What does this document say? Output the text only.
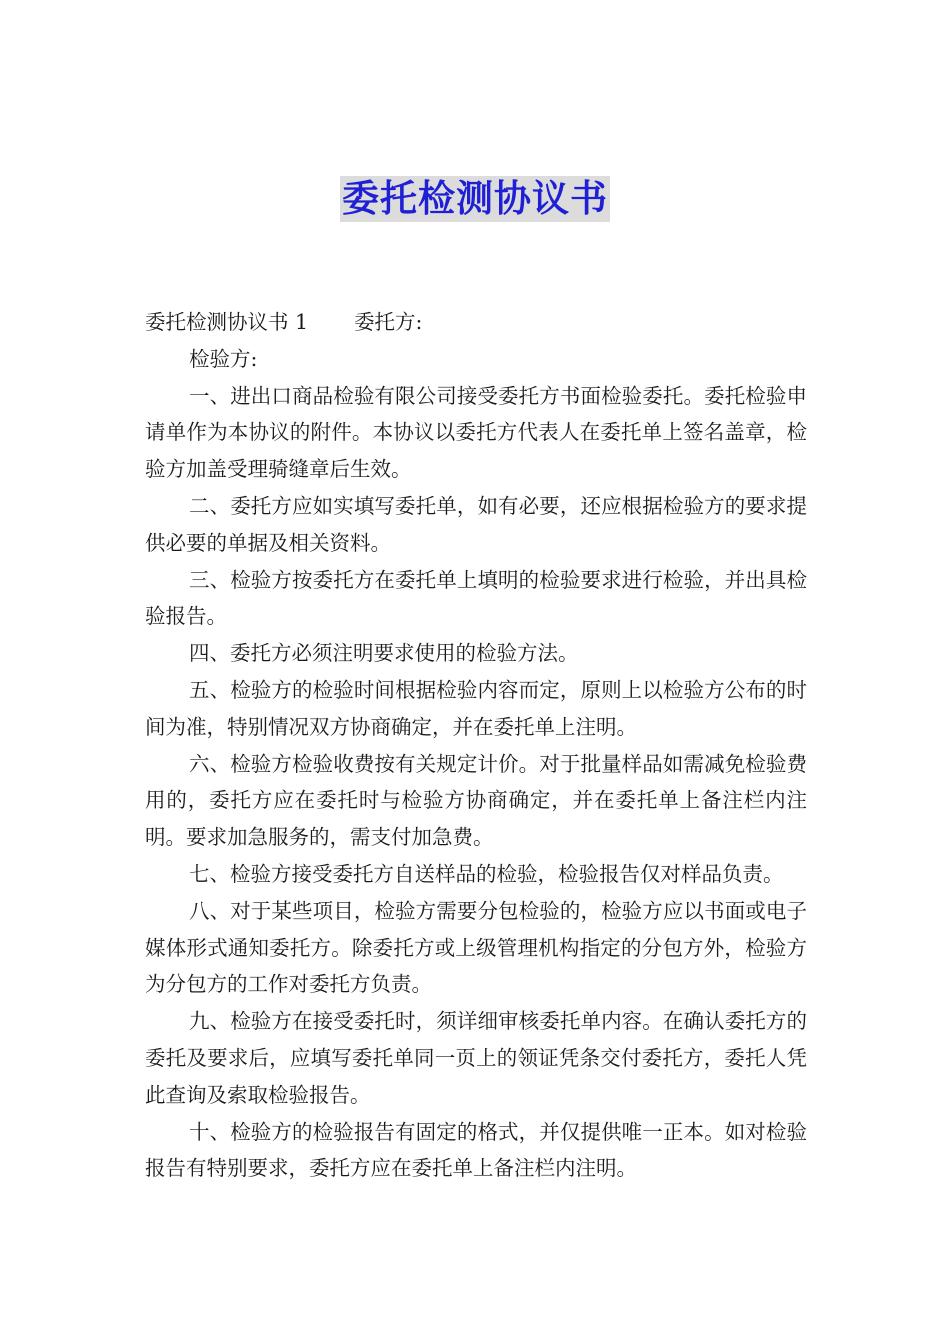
委托检测协议书

委托检测协议书 1 委托方:

检验方:

一、进出口商品检验有限公司接受委托方书面检验委托。委托检验申请单作为本协议的附件。本协议以委托方代表人在委托单上签名盖章，检验方加盖受理骑缝章后生效。

二、委托方应如实填写委托单，如有必要，还应根据检验方的要求提供必要的单据及相关资料。

三、检验方按委托方在委托单上填明的检验要求进行检验，并出具检验报告。

四、委托方必须注明要求使用的检验方法。

五、检验方的检验时间根据检验内容而定，原则上以检验方公布的时间为准，特别情况双方协商确定，并在委托单上注明。

六、检验方检验收费按有关规定计价。对于批量样品如需减免检验费用的，委托方应在委托时与检验方协商确定，并在委托单上备注栏内注明。要求加急服务的，需支付加急费。

七、检验方接受委托方自送样品的检验，检验报告仅对样品负责。

八、对于某些项目，检验方需要分包检验的，检验方应以书面或电子媒体形式通知委托方。除委托方或上级管理机构指定的分包方外，检验方为分包方的工作对委托方负责。

九、检验方在接受委托时，须详细审核委托单内容。在确认委托方的委托及要求后，应填写委托单同一页上的领证凭条交付委托方，委托人凭此查询及索取检验报告。

十、检验方的检验报告有固定的格式，并仅提供唯一正本。如对检验报告有特别要求，委托方应在委托单上备注栏内注明。
